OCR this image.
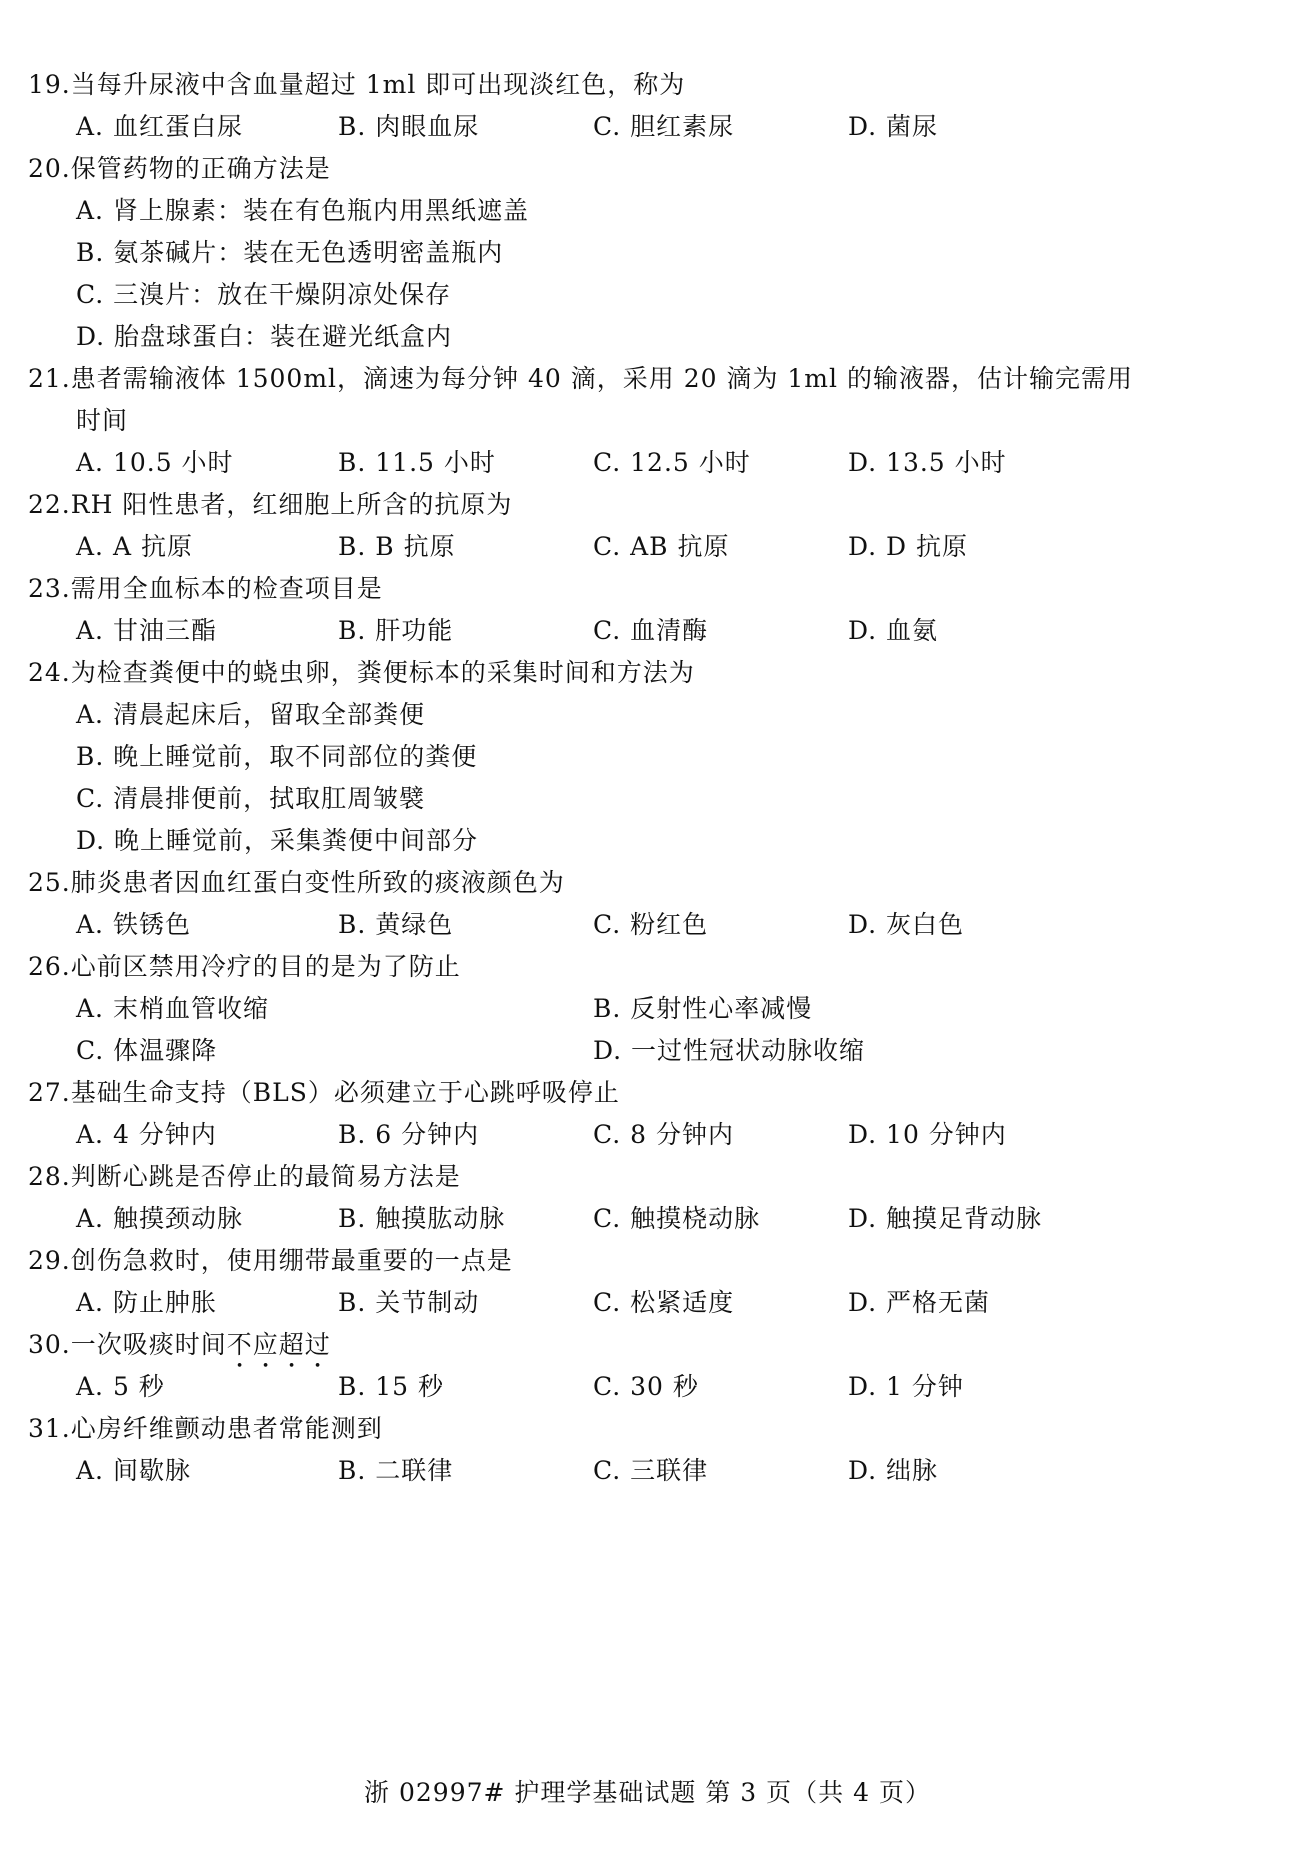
19.当每升尿液中含血量超过 1ml 即可出现淡红色，称为
A. 血红蛋白尿	B. 肉眼血尿	C. 胆红素尿	D. 菌尿
20.保管药物的正确方法是
A. 肾上腺素：装在有色瓶内用黑纸遮盖
B. 氨茶碱片：装在无色透明密盖瓶内
C. 三溴片：放在干燥阴凉处保存
D. 胎盘球蛋白：装在避光纸盒内
21.患者需输液体 1500ml，滴速为每分钟 40 滴，采用 20 滴为 1ml 的输液器，估计输完需用
时间
A. 10.5 小时	B. 11.5 小时	C. 12.5 小时	D. 13.5 小时
22.RH 阳性患者，红细胞上所含的抗原为
A. A 抗原	B. B 抗原	C. AB 抗原	D. D 抗原
23.需用全血标本的检查项目是
A. 甘油三酯	B. 肝功能	C. 血清酶	D. 血氨
24.为检查粪便中的蛲虫卵，粪便标本的采集时间和方法为
A. 清晨起床后，留取全部粪便
B. 晚上睡觉前，取不同部位的粪便
C. 清晨排便前，拭取肛周皱襞
D. 晚上睡觉前，采集粪便中间部分
25.肺炎患者因血红蛋白变性所致的痰液颜色为
A. 铁锈色	B. 黄绿色	C. 粉红色	D. 灰白色
26.心前区禁用冷疗的目的是为了防止
A. 末梢血管收缩	B. 反射性心率减慢
C. 体温骤降	D. 一过性冠状动脉收缩
27.基础生命支持（BLS）必须建立于心跳呼吸停止
A. 4 分钟内	B. 6 分钟内	C. 8 分钟内	D. 10 分钟内
28.判断心跳是否停止的最简易方法是
A. 触摸颈动脉	B. 触摸肱动脉	C. 触摸桡动脉	D. 触摸足背动脉
29.创伤急救时，使用绷带最重要的一点是
A. 防止肿胀	B. 关节制动	C. 松紧适度	D. 严格无菌
30.一次吸痰时间不应超过
A. 5 秒	B. 15 秒	C. 30 秒	D. 1 分钟
31.心房纤维颤动患者常能测到
A. 间歇脉	B. 二联律	C. 三联律	D. 绌脉
浙 02997# 护理学基础试题 第 3 页（共 4 页）
